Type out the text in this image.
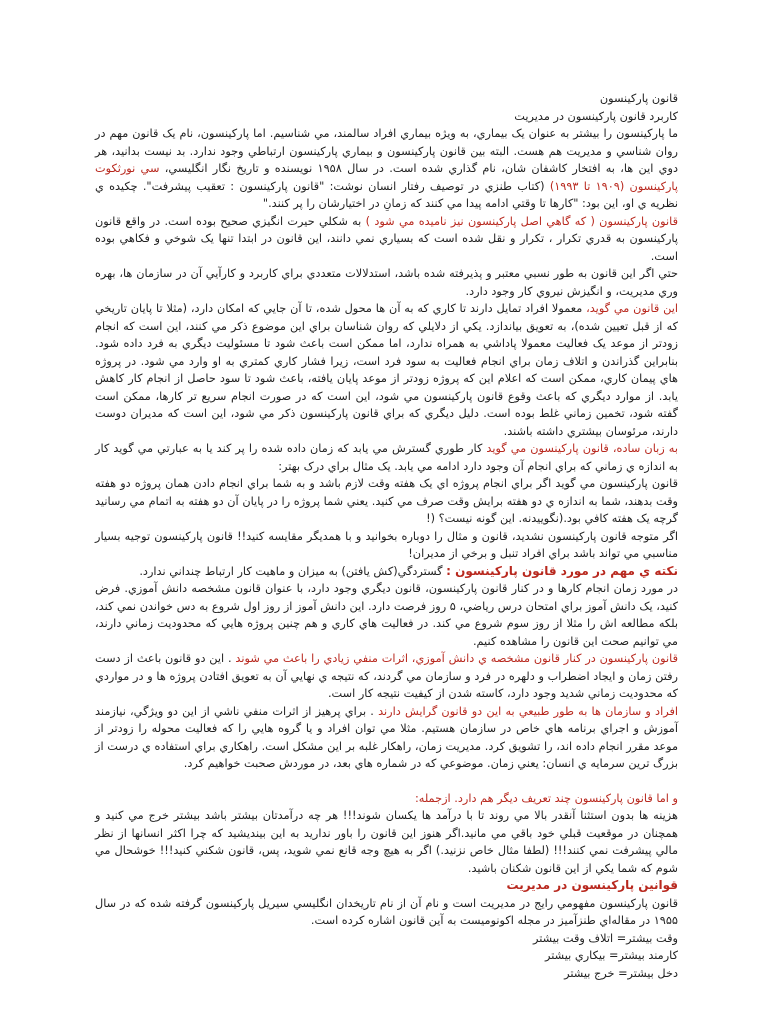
قانون پاركينسون

كاربرد قانون پاركينسون در مديريت

ما پاركينسون را بيشتر به عنوان يک بيماري، به ويژه بيماري افراد سالمند، مي شناسيم. اما پاركينسون، نام يک قانون مهم در روان شناسي و مديريت هم هست. البته بين قانون پاركينسون و بيماري پاركينسون ارتباطي وجود ندارد. بد نيست بدانيد، هر دوي اين ها، به افتخار كاشفان شان، نام گذاري شده است. در سال ۱۹۵۸ نويسنده و تاريخ نگار انگليسي، سي نورثكوت پاركينسون (۱۹۰۹ تا ۱۹۹۳) (كتاب طنزي در توصيف رفتار انسان نوشت: "قانون پاركينسون : تعقيب پيشرفت". چكيده ي نظريه ي او، اين بود: "كارها تا وقتي ادامه پيدا مي كنند كه زمانِ در اختيارشان را پر كنند."

قانون پاركينسون ( كه گاهي اصل پاركينسون نيز ناميده مي شود ) به شكلي حيرت انگيزي صحيح بوده است. در واقع قانون پاركينسون به قدري تكرار ، تكرار و نقل شده است كه بسياري نمي دانند، اين قانون در ابتدا تنها يک شوخي و فكاهي بوده است.

حتي اگر اين قانون به طور نسبي معتبر و پذيرفته شده باشد، استدلالات متعددي براي كاربرد و كارآيي آن در سازمان ها، بهره وري مديريت، و انگيزش نيروي كار وجود دارد.

اين قانون مي گويد، معمولا افراد تمايل دارند تا كاري كه به آن ها محول شده، تا آن جايي كه امكان دارد، (مثلا تا پايان تاريخي كه از قبل تعيين شده)، به تعويق بياندازد. يكي از دلايلي كه روان شناسان براي اين موضوع ذكر مي كنند، اين است كه انجام زودتر از موعد يک فعاليت معمولا پاداشي به همراه ندارد، اما ممكن است باعث شود تا مسئوليت ديگري به فرد داده شود. بنابراين گذراندن و اتلاف زمان براي انجام فعاليت به سود فرد است، زيرا فشار كاري كمتري به او وارد مي شود. در پروژه هاي پيمان كاري، ممكن است كه اعلام اين كه پروژه زودتر از موعد پايان يافته، باعث شود تا سود حاصل از انجام كار كاهش يابد. از موارد ديگري كه باعث وقوع قانون پاركينسون مي شود، اين است كه در صورت انجام سريع تر كارها، ممكن است گفته شود، تخمين زماني غلط بوده است. دليل ديگري كه براي قانون پاركينسون ذكر مي شود، اين است كه مديران دوست دارند، مرئوسان بيشتري داشته باشند.

به زبان ساده، قانون پاركينسون مي گويد كار طوري گسترش مي يابد كه زمان داده شده را پر كند يا به عبارتي مي گويد كار به اندازه ي زماني كه براي انجام آن وجود دارد ادامه مي يابد. يک مثال براي درک بهتر:

قانون پاركينسون مي گويد اگر براي انجام پروژه اي يک هفته وقت لازم باشد و به شما براي انجام دادن همان پروژه دو هفته وقت بدهند، شما به اندازه ي دو هفته برايش وقت صرف مي كنيد. يعني شما پروژه را در پايان آن دو هفته به اتمام مي رسانيد گرچه يک هفته كافي بود.(نگوييدنه. اين گونه نيست؟ (!

اگر متوجه قانون پاركينسون نشديد، قانون و مثال را دوباره بخوانيد و با همديگر مقايسه كنيد!! قانون پاركينسون توجيه بسيار مناسبي مي تواند باشد براي افراد تنبل و برخي از مديران!

نكته ي مهم در مورد قانون پاركينسون : گستردگي(كش يافتن) به ميزان و ماهيت كار ارتباط چنداني ندارد.

در مورد زمان انجام كارها و در كنار قانون پاركينسون، قانون ديگري وجود دارد، با عنوان قانون مشخصه دانش آموزي. فرض كنيد، يک دانش آموز براي امتحان درس رياضي، ۵ روز فرصت دارد. اين دانش آموز از روز اول شروع به دس خواندن نمي كند، بلكه مطالعه اش را مثلا از روز سوم شروع مي كند. در فعاليت هاي كاري و هم چنين پروژه هايي كه محدوديت زماني دارند، مي توانيم صحت اين قانون را مشاهده كنيم.

قانون پاركينسون در كنار قانون مشخصه ي دانش آموزي، اثرات منفي زيادي را باعث مي شوند . اين دو قانون باعث از دست رفتن زمان و ايجاد اضطراب و دلهره در فرد و سازمان مي گردند، كه نتيجه ي نهايي آن به تعويق افتادن پروژه ها و در مواردي كه محدوديت زماني شديد وجود دارد، كاسته شدن از كيفيت نتيجه كار است.

افراد و سازمان ها به طور طبيعي به اين دو قانون گرايش دارند . براي پرهيز از اثرات منفي ناشي از اين دو ويژگي، نيازمند آموزش و اجراي برنامه هاي خاص در سازمان هستيم. مثلا مي توان افراد و يا گروه هايي را كه فعاليت محوله را زودتر از موعد مقرر انجام داده اند، را تشويق كرد. مديريت زمان، راهكار غلبه بر اين مشكل است. راهكاري براي استفاده ي درست از بزرگ ترين سرمايه ي انسان: يعني زمان. موضوعي كه در شماره هاي بعد، در موردش صحبت خواهيم كرد.

و اما قانون پاركينسون چند تعريف ديگر هم دارد. ازجمله:

هزينه ها بدون استثنا آنقدر بالا مي روند تا با درآمد ها يكسان شوند!!! هر چه درآمدتان بيشتر باشد بيشتر خرج مي كنيد و همچنان در موقعيت قبلي خود باقي مي مانيد.اگر هنوز اين قانون را باور نداريد به اين بينديشيد كه چرا اكثر انسانها از نظر مالي پيشرفت نمي كنند!!! (لطفا مثال خاص نزنيد.) اگر به هيچ وجه قانع نمي شويد، پس، قانون شكني كنيد!!! خوشحال مي شوم كه شما يكي از اين قانون شكنان باشيد.

قوانين پاركينسون در مديريت

قانون پاركينسون مفهومي رايج در مديريت است و نام آن از نام تاريخدان انگليسي سيريل پاركينسون گرفته شده كه در سال ۱۹۵۵ در مقاله‌اي طنزآميز در مجله اكونوميست به آين قانون اشاره كرده است.

وقت بيشتر= اتلاف وقت بيشتر

كارمند بيشتر= بيكاري بيشتر

دخل بيشتر= خرج بيشتر
